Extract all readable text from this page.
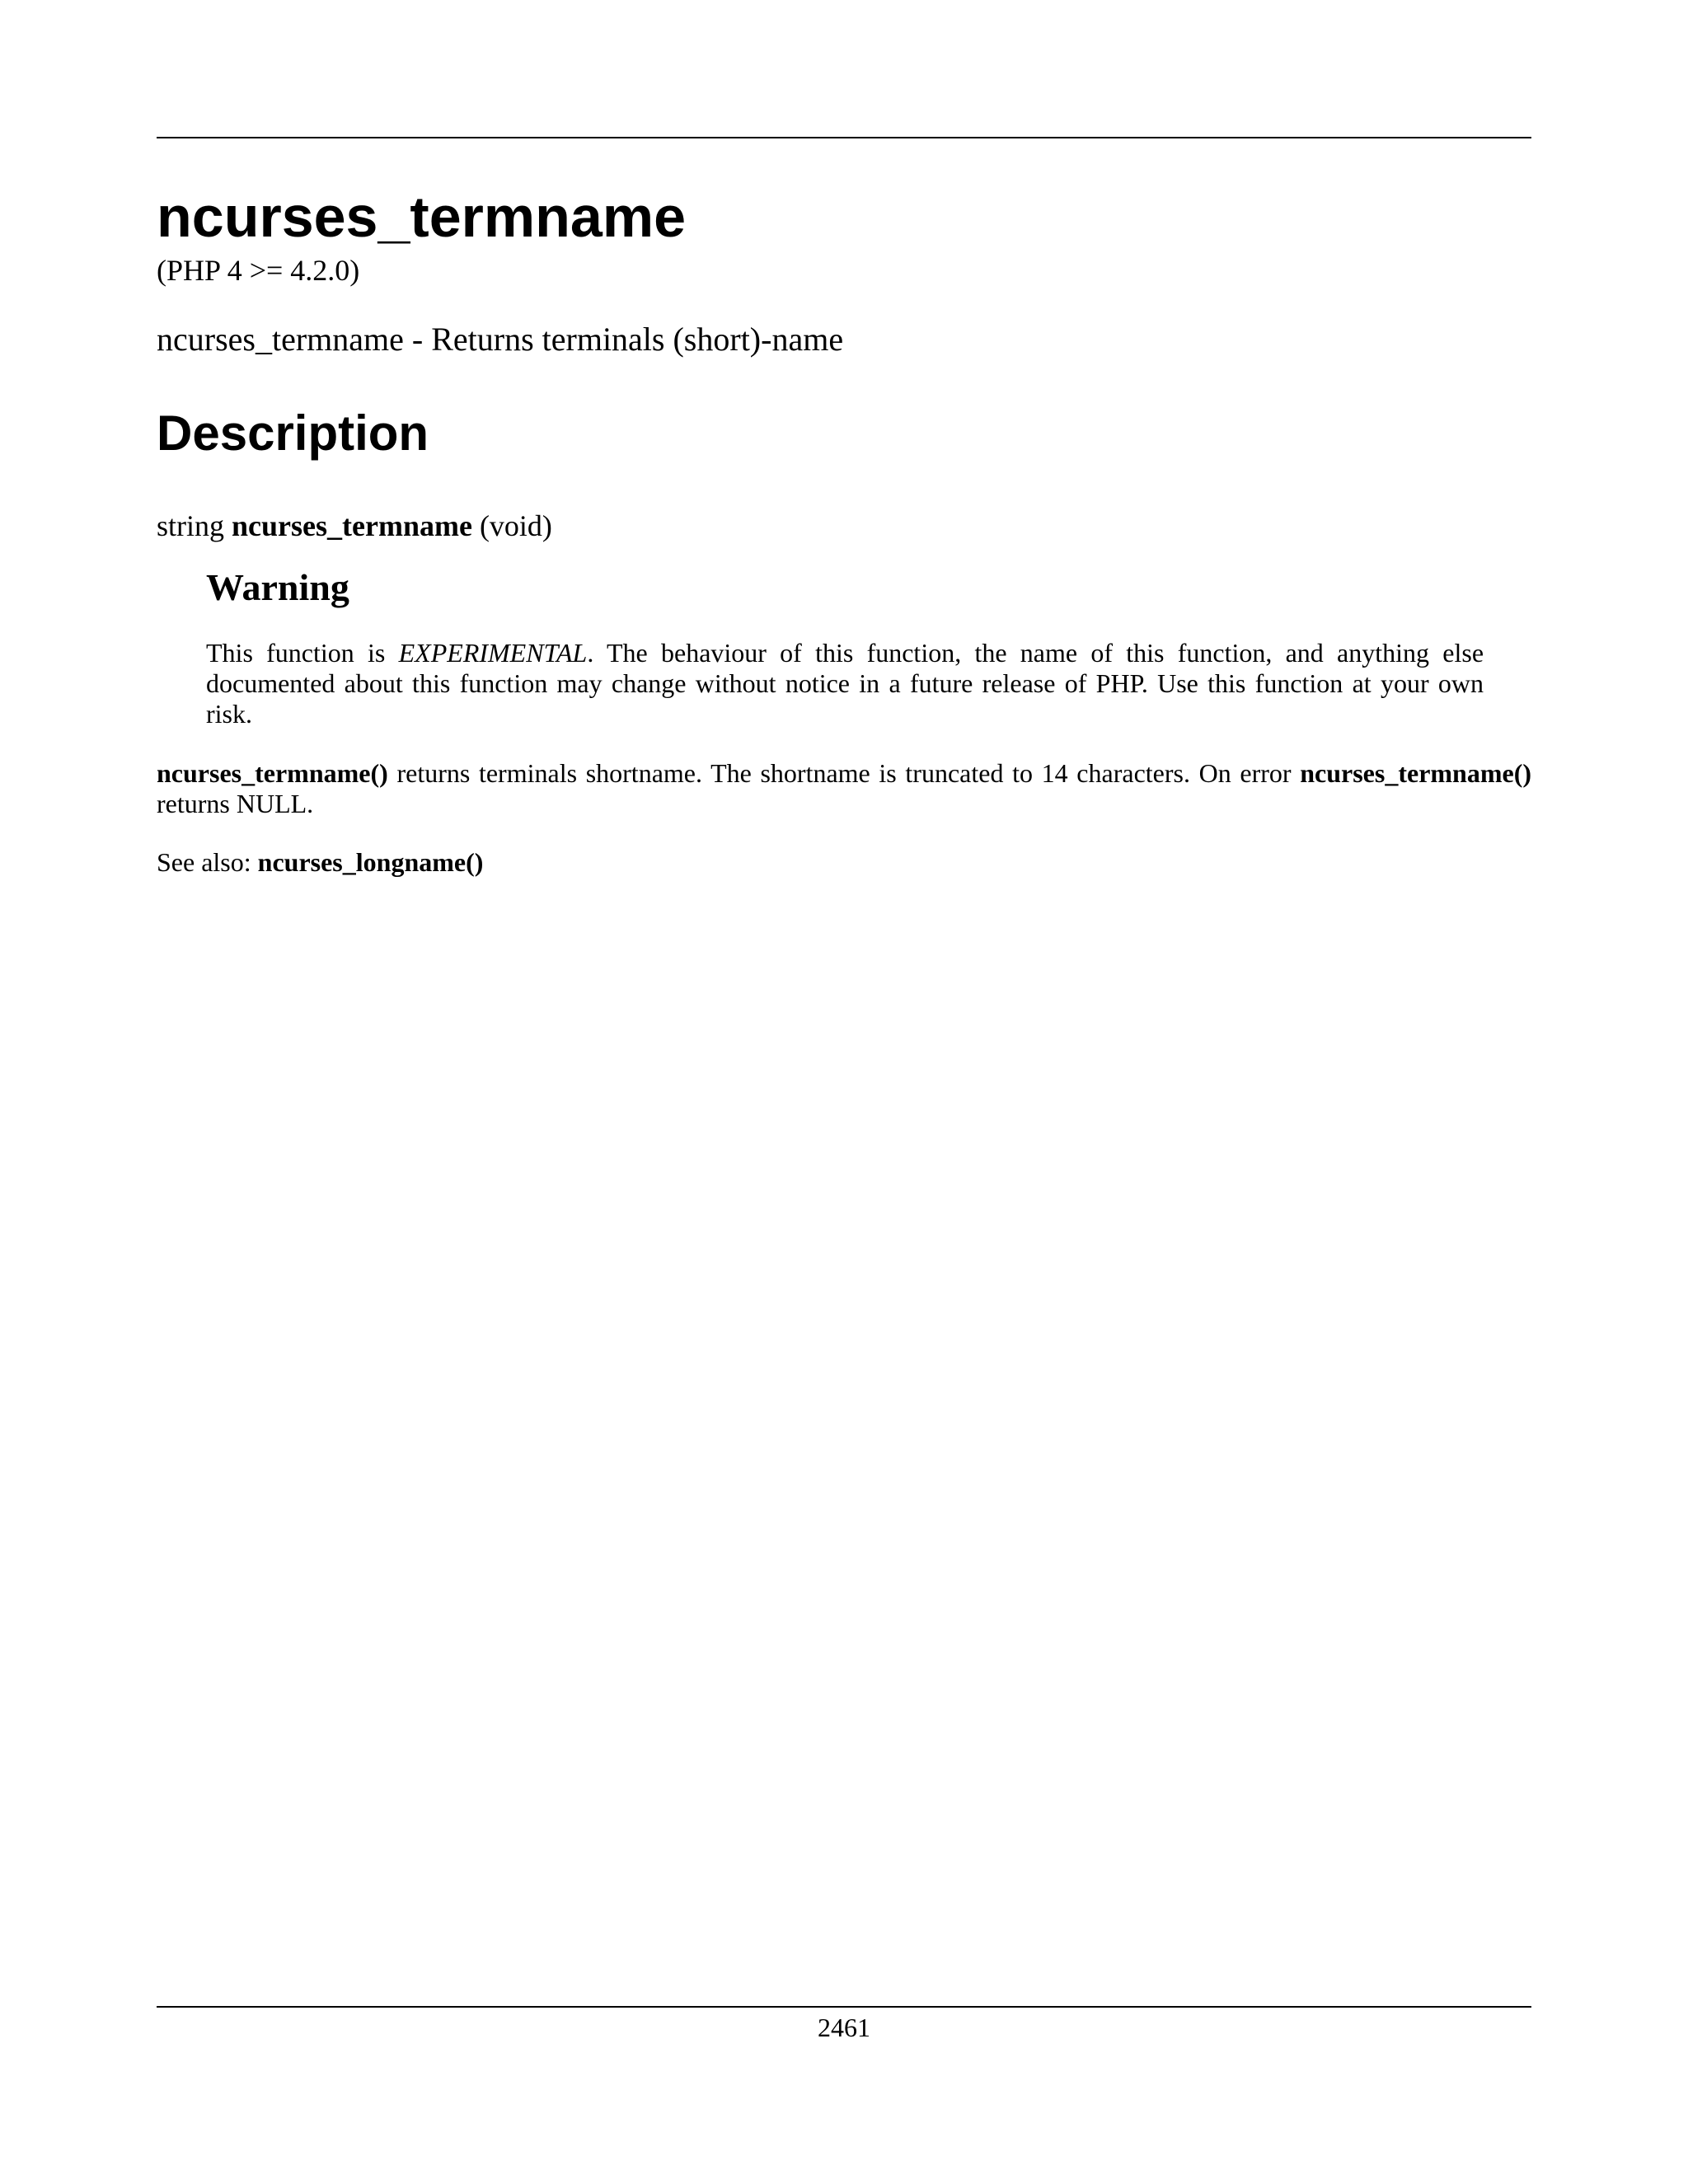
ncurses_termname
(PHP 4 >= 4.2.0)
ncurses_termname - Returns terminals (short)-name
Description
string ncurses_termname (void)
Warning
This function is EXPERIMENTAL. The behaviour of this function, the name of this function, and anything else documented about this function may change without notice in a future release of PHP. Use this function at your own risk.
ncurses_termname() returns terminals shortname. The shortname is truncated to 14 characters. On error ncurses_termname() returns NULL.
See also: ncurses_longname()
2461
